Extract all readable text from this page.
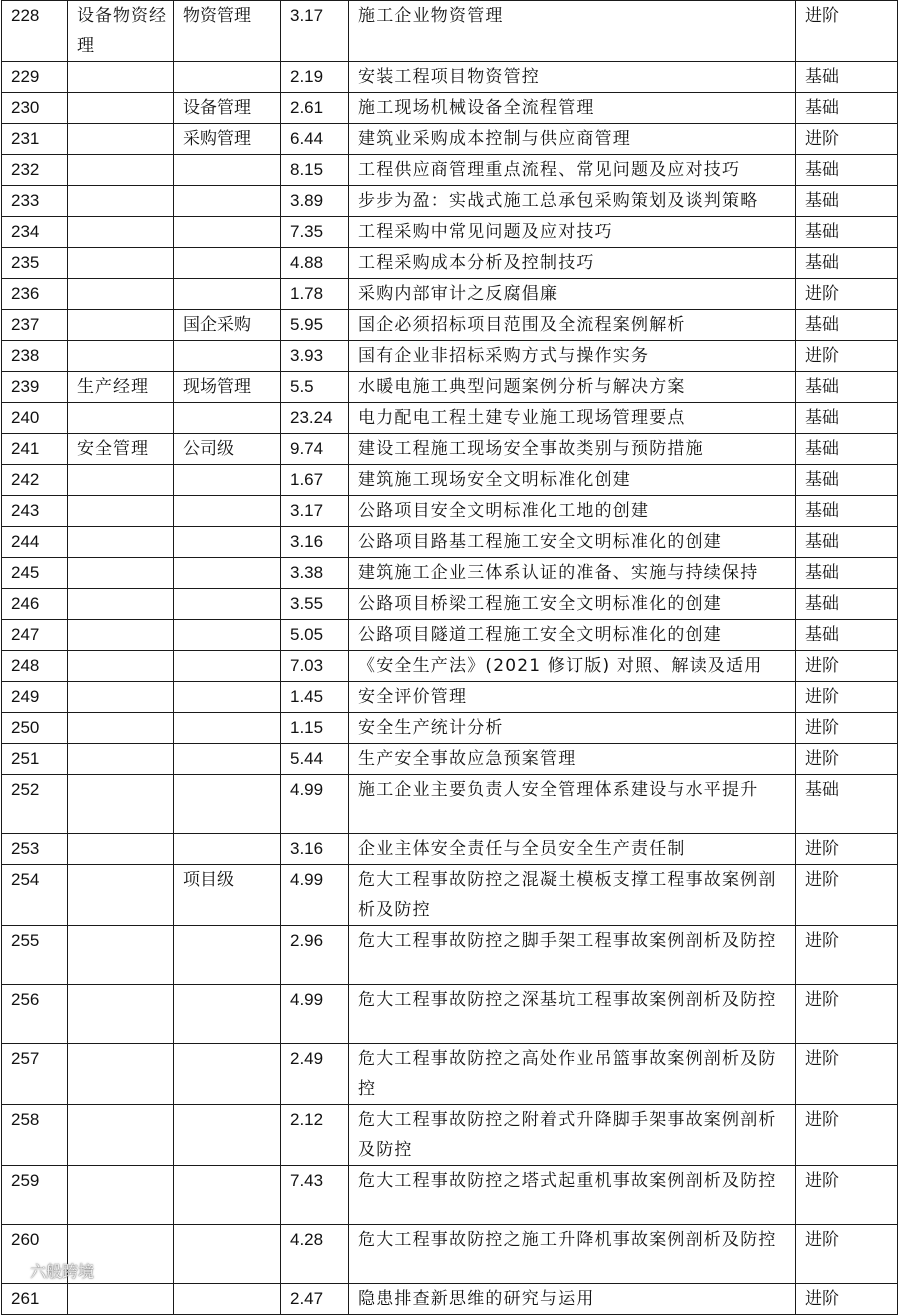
228	设备物资经理	物资管理	3.17	施工企业物资管理	进阶
229			2.19	安装工程项目物资管控	基础
230		设备管理	2.61	施工现场机械设备全流程管理	基础
231		采购管理	6.44	建筑业采购成本控制与供应商管理	进阶
232			8.15	工程供应商管理重点流程、常见问题及应对技巧	基础
233			3.89	步步为盈：实战式施工总承包采购策划及谈判策略	基础
234			7.35	工程采购中常见问题及应对技巧	基础
235			4.88	工程采购成本分析及控制技巧	基础
236			1.78	采购内部审计之反腐倡廉	进阶
237		国企采购	5.95	国企必须招标项目范围及全流程案例解析	基础
238			3.93	国有企业非招标采购方式与操作实务	进阶
239	生产经理	现场管理	5.5	水暖电施工典型问题案例分析与解决方案	基础
240			23.24	电力配电工程土建专业施工现场管理要点	基础
241	安全管理	公司级	9.74	建设工程施工现场安全事故类别与预防措施	基础
242			1.67	建筑施工现场安全文明标准化创建	基础
243			3.17	公路项目安全文明标准化工地的创建	基础
244			3.16	公路项目路基工程施工安全文明标准化的创建	基础
245			3.38	建筑施工企业三体系认证的准备、实施与持续保持	基础
246			3.55	公路项目桥梁工程施工安全文明标准化的创建	基础
247			5.05	公路项目隧道工程施工安全文明标准化的创建	基础
248			7.03	《安全生产法》(2021 修订版) 对照、解读及适用	进阶
249			1.45	安全评价管理	进阶
250			1.15	安全生产统计分析	进阶
251			5.44	生产安全事故应急预案管理	进阶
252			4.99	施工企业主要负责人安全管理体系建设与水平提升	基础
253			3.16	企业主体安全责任与全员安全生产责任制	进阶
254		项目级	4.99	危大工程事故防控之混凝土模板支撑工程事故案例剖析及防控	进阶
255			2.96	危大工程事故防控之脚手架工程事故案例剖析及防控	进阶
256			4.99	危大工程事故防控之深基坑工程事故案例剖析及防控	进阶
257			2.49	危大工程事故防控之高处作业吊篮事故案例剖析及防控	进阶
258			2.12	危大工程事故防控之附着式升降脚手架事故案例剖析及防控	进阶
259			7.43	危大工程事故防控之塔式起重机事故案例剖析及防控	进阶
260			4.28	危大工程事故防控之施工升降机事故案例剖析及防控	进阶
261			2.47	隐患排查新思维的研究与运用	进阶
六般跨境
